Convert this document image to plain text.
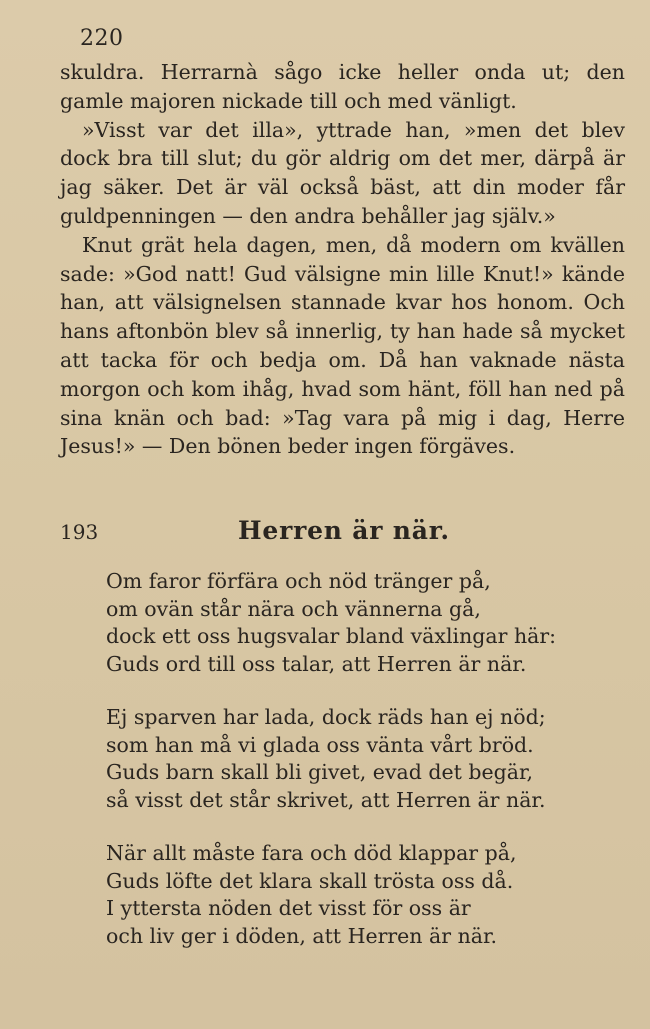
220

skuldra. Herrarnà sågo icke heller onda ut; den gamle majoren nickade till och med vänligt.

»Visst var det illa», yttrade han, »men det blev dock bra till slut; du gör aldrig om det mer, därpå är jag säker. Det är väl också bäst, att din moder får guldpenningen — den andra behåller jag själv.»

Knut grät hela dagen, men, då modern om kvällen sade: »God natt! Gud välsigne min lille Knut!» kände han, att välsignelsen stannade kvar hos honom. Och hans aftonbön blev så innerlig, ty han hade så mycket att tacka för och bedja om. Då han vaknade nästa morgon och kom ihåg, hvad som hänt, föll han ned på sina knän och bad: »Tag vara på mig i dag, Herre Jesus!» — Den bönen beder ingen förgäves.

193	Herren är när.
Om faror förfära och nöd tränger på,
om ovän står nära och vännerna gå,
dock ett oss hugsvalar bland växlingar här:
Guds ord till oss talar, att Herren är när.
Ej sparven har lada, dock räds han ej nöd;
som han må vi glada oss vänta vårt bröd.
Guds barn skall bli givet, evad det begär,
så visst det står skrivet, att Herren är när.
När allt måste fara och död klappar på,
Guds löfte det klara skall trösta oss då.
I yttersta nöden det visst för oss är
och liv ger i döden, att Herren är när.
